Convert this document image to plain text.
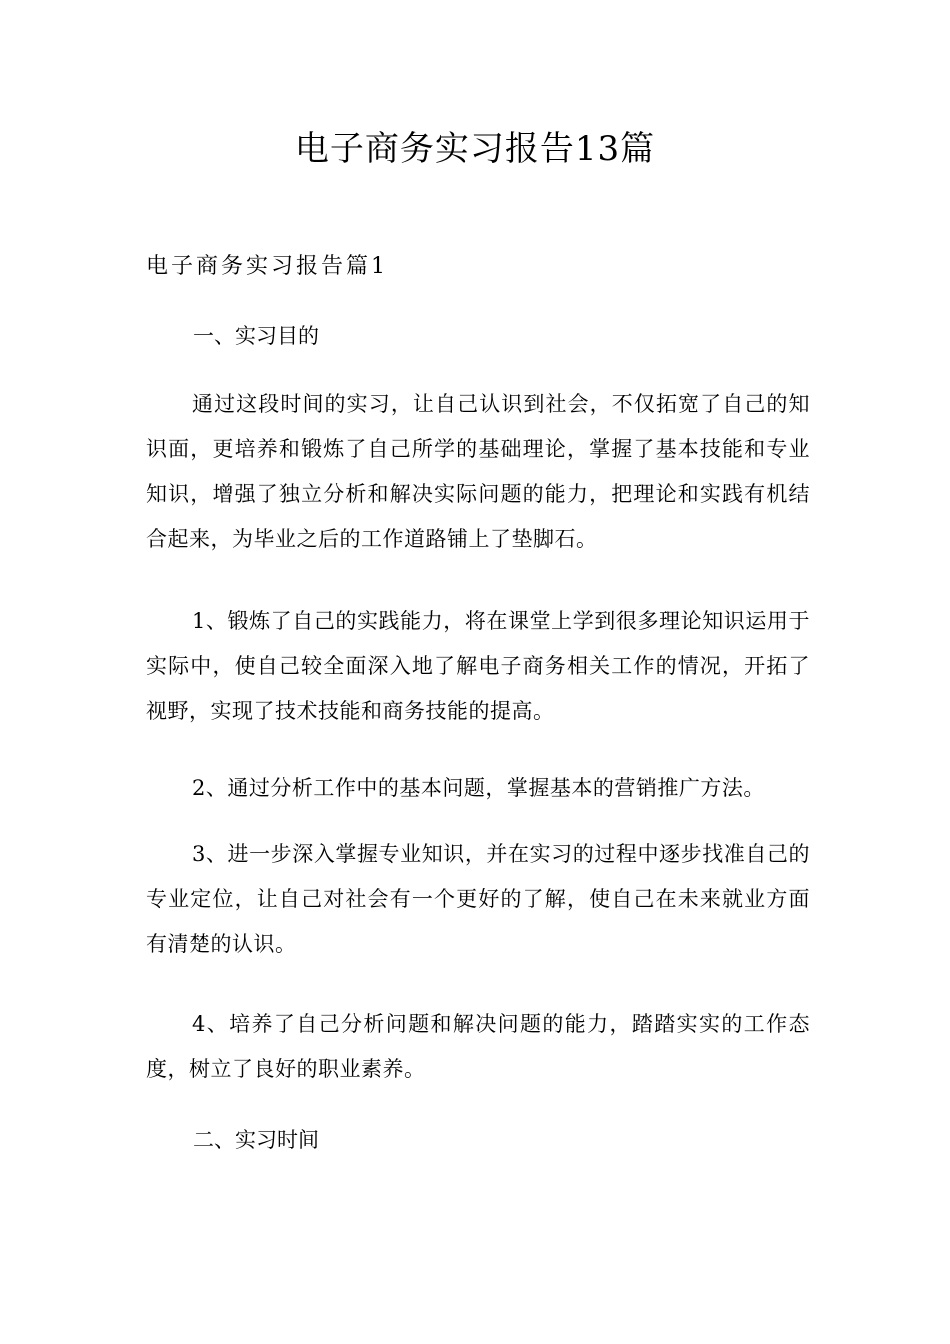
电子商务实习报告13篇
电子商务实习报告篇1
一、实习目的

通过这段时间的实习，让自己认识到社会，不仅拓宽了自己的知识面，更培养和锻炼了自己所学的基础理论，掌握了基本技能和专业知识，增强了独立分析和解决实际问题的能力，把理论和实践有机结合起来，为毕业之后的工作道路铺上了垫脚石。

1、锻炼了自己的实践能力，将在课堂上学到很多理论知识运用于实际中，使自己较全面深入地了解电子商务相关工作的情况，开拓了视野，实现了技术技能和商务技能的提高。

2、通过分析工作中的基本问题，掌握基本的营销推广方法。

3、进一步深入掌握专业知识，并在实习的过程中逐步找准自己的专业定位，让自己对社会有一个更好的了解，使自己在未来就业方面有清楚的认识。

4、培养了自己分析问题和解决问题的能力，踏踏实实的工作态度，树立了良好的职业素养。

二、实习时间
